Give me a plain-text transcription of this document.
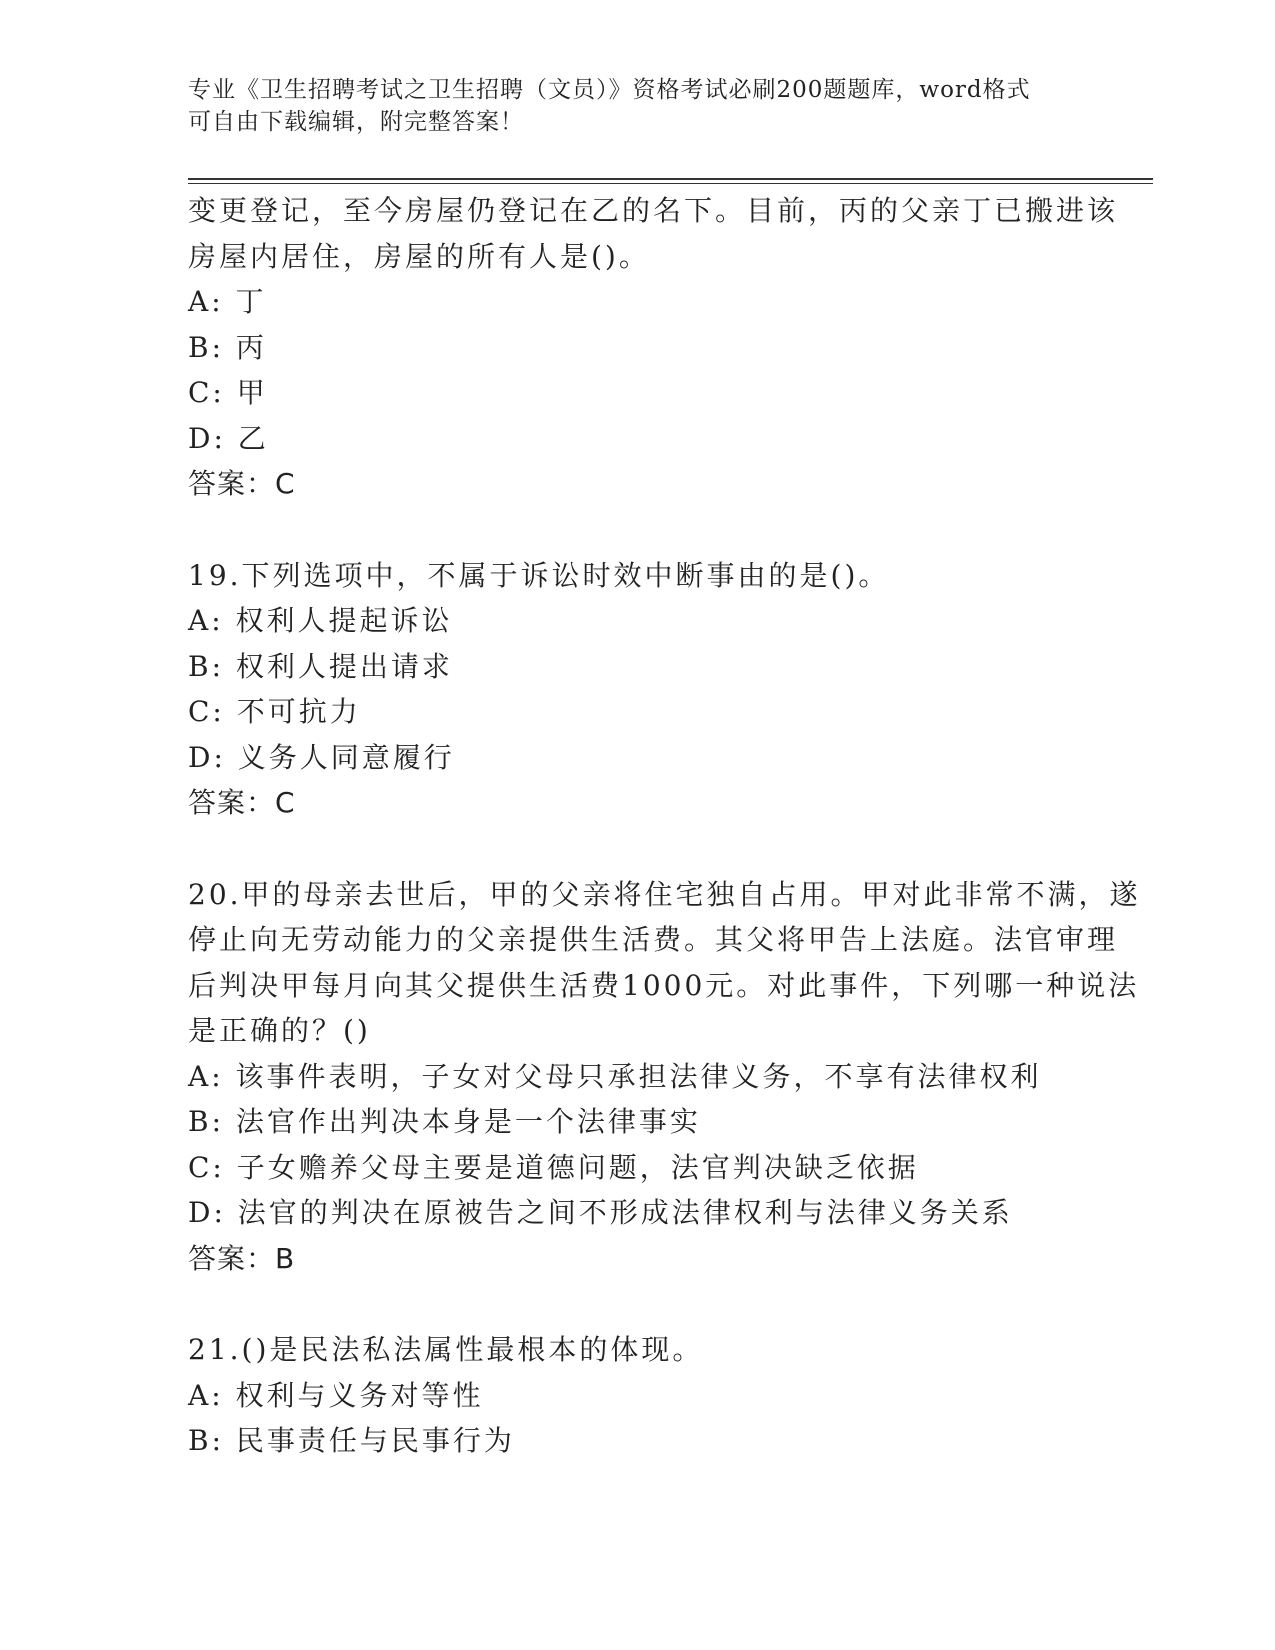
专业《卫生招聘考试之卫生招聘（文员）》资格考试必刷200题题库，word格式
可自由下载编辑，附完整答案！
变更登记，至今房屋仍登记在乙的名下。目前，丙的父亲丁已搬进该
房屋内居住，房屋的所有人是()。
A: 丁
B: 丙
C: 甲
D: 乙
答案：C
19.下列选项中，不属于诉讼时效中断事由的是()。
A: 权利人提起诉讼
B: 权利人提出请求
C: 不可抗力
D: 义务人同意履行
答案：C
20.甲的母亲去世后，甲的父亲将住宅独自占用。甲对此非常不满，遂
停止向无劳动能力的父亲提供生活费。其父将甲告上法庭。法官审理
后判决甲每月向其父提供生活费1000元。对此事件，下列哪一种说法
是正确的？()
A: 该事件表明，子女对父母只承担法律义务，不享有法律权利
B: 法官作出判决本身是一个法律事实
C: 子女赡养父母主要是道德问题，法官判决缺乏依据
D: 法官的判决在原被告之间不形成法律权利与法律义务关系
答案：B
21.()是民法私法属性最根本的体现。
A: 权利与义务对等性
B: 民事责任与民事行为
